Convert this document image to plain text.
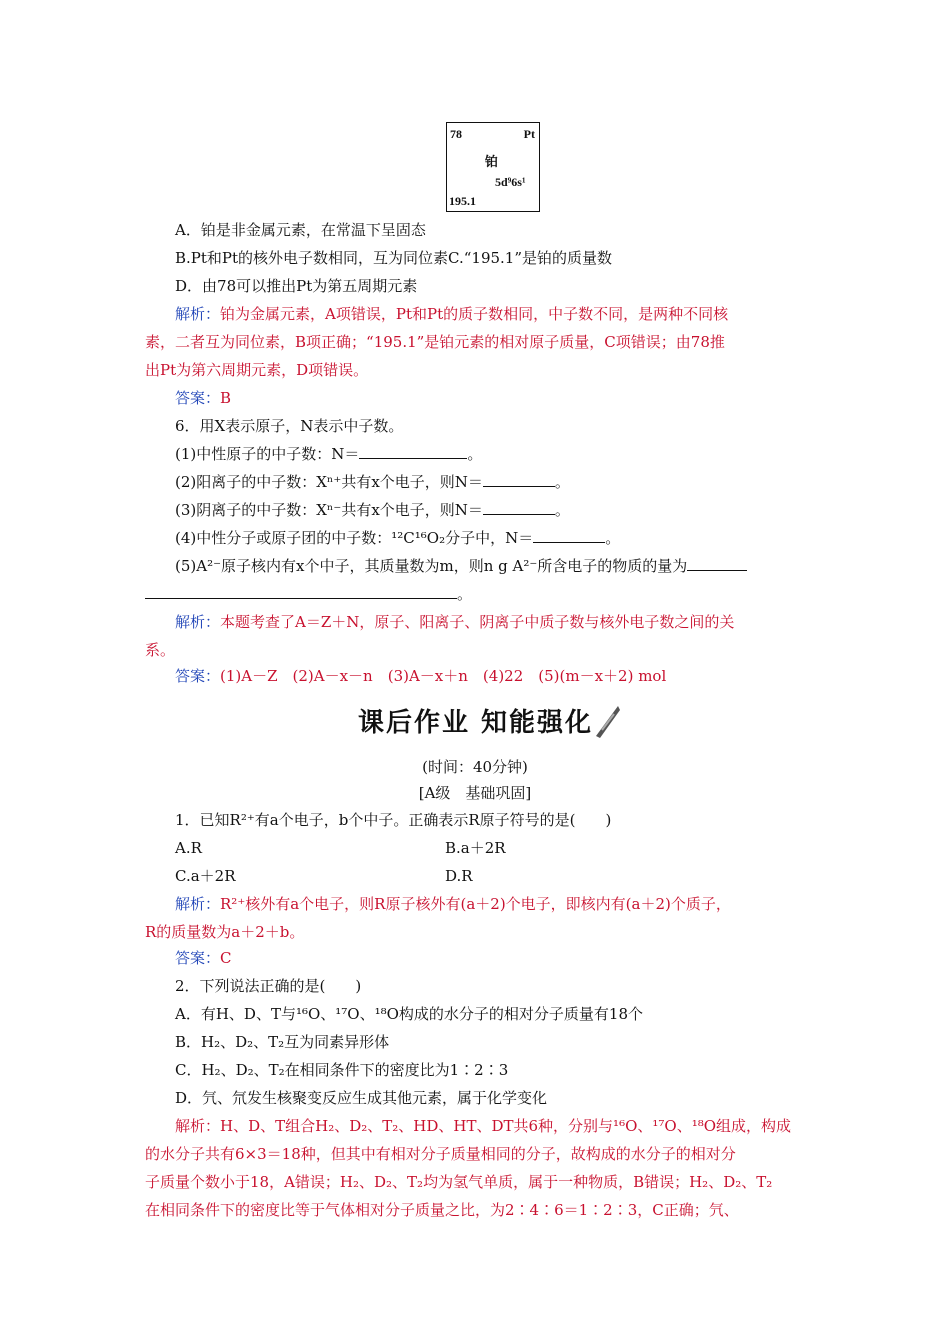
78	Pt
铂
5d⁹6s¹
195.1
A．铂是非金属元素，在常温下呈固态
B.Pt和Pt的核外电子数相同，互为同位素C.“195.1”是铂的质量数
D．由78可以推出Pt为第五周期元素
解析：铂为金属元素，A项错误，Pt和Pt的质子数相同，中子数不同，是两种不同核
素，二者互为同位素，B项正确；“195.1”是铂元素的相对原子质量，C项错误；由78推
出Pt为第六周期元素，D项错误。
答案：B
6．用X表示原子，N表示中子数。
(1)中性原子的中子数：N＝	。
(2)阳离子的中子数：Xⁿ⁺共有x个电子，则N＝	。
(3)阴离子的中子数：Xⁿ⁻共有x个电子，则N＝	。
(4)中性分子或原子团的中子数：¹²C¹⁶O₂分子中，N＝	。
(5)A²⁻原子核内有x个中子，其质量数为m，则n g A²⁻所含电子的物质的量为
。
解析：本题考查了A＝Z＋N，原子、阳离子、阴离子中质子数与核外电子数之间的关
系。
答案：(1)A－Z　(2)A－x－n　(3)A－x＋n　(4)22　(5)(m－x＋2) mol
课后作业 知能强化
(时间：40分钟)
[A级　基础巩固]
1．已知R²⁺有a个电子，b个中子。正确表示R原子符号的是(　　)
A.R	B.a＋2R
C.a＋2R	D.R
解析：R²⁺核外有a个电子，则R原子核外有(a＋2)个电子，即核内有(a＋2)个质子，
R的质量数为a＋2＋b。
答案：C
2．下列说法正确的是(　　)
A．有H、D、T与¹⁶O、¹⁷O、¹⁸O构成的水分子的相对分子质量有18个
B．H₂、D₂、T₂互为同素异形体
C．H₂、D₂、T₂在相同条件下的密度比为1∶2∶3
D．氕、氘发生核聚变反应生成其他元素，属于化学变化
解析：H、D、T组合H₂、D₂、T₂、HD、HT、DT共6种，分别与¹⁶O、¹⁷O、¹⁸O组成，构成
的水分子共有6×3＝18种，但其中有相对分子质量相同的分子，故构成的水分子的相对分
子质量个数小于18，A错误；H₂、D₂、T₂均为氢气单质，属于一种物质，B错误；H₂、D₂、T₂
在相同条件下的密度比等于气体相对分子质量之比，为2∶4∶6＝1∶2∶3，C正确；氕、
